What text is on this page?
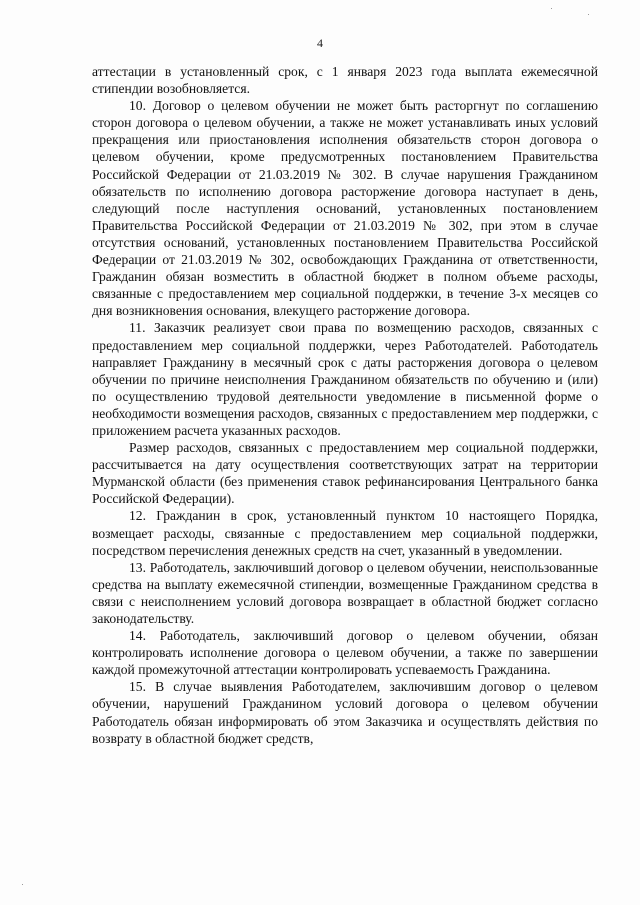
4

аттестации в установленный срок, с 1 января 2023 года выплата ежемесячной стипендии возобновляется.

10. Договор о целевом обучении не может быть расторгнут по соглашению сторон договора о целевом обучении, а также не может устанавливать иных условий прекращения или приостановления исполнения обязательств сторон договора о целевом обучении, кроме предусмотренных постановлением Правительства Российской Федерации от 21.03.2019 № 302. В случае нарушения Гражданином обязательств по исполнению договора расторжение договора наступает в день, следующий после наступления оснований, установленных постановлением Правительства Российской Федерации от 21.03.2019 № 302, при этом в случае отсутствия оснований, установленных постановлением Правительства Российской Федерации от 21.03.2019 № 302, освобождающих Гражданина от ответственности, Гражданин обязан возместить в областной бюджет в полном объеме расходы, связанные с предоставлением мер социальной поддержки, в течение 3-х месяцев со дня возникновения основания, влекущего расторжение договора.

11. Заказчик реализует свои права по возмещению расходов, связанных с предоставлением мер социальной поддержки, через Работодателей. Работодатель направляет Гражданину в месячный срок с даты расторжения договора о целевом обучении по причине неисполнения Гражданином обязательств по обучению и (или) по осуществлению трудовой деятельности уведомление в письменной форме о необходимости возмещения расходов, связанных с предоставлением мер поддержки, с приложением расчета указанных расходов.

Размер расходов, связанных с предоставлением мер социальной поддержки, рассчитывается на дату осуществления соответствующих затрат на территории Мурманской области (без применения ставок рефинансирования Центрального банка Российской Федерации).

12. Гражданин в срок, установленный пунктом 10 настоящего Порядка, возмещает расходы, связанные с предоставлением мер социальной поддержки, посредством перечисления денежных средств на счет, указанный в уведомлении.

13. Работодатель, заключивший договор о целевом обучении, неиспользованные средства на выплату ежемесячной стипендии, возмещенные Гражданином средства в связи с неисполнением условий договора возвращает в областной бюджет согласно законодательству.

14. Работодатель, заключивший договор о целевом обучении, обязан контролировать исполнение договора о целевом обучении, а также по завершении каждой промежуточной аттестации контролировать успеваемость Гражданина.

15. В случае выявления Работодателем, заключившим договор о целевом обучении, нарушений Гражданином условий договора о целевом обучении Работодатель обязан информировать об этом Заказчика и осуществлять действия по возврату в областной бюджет средств,
